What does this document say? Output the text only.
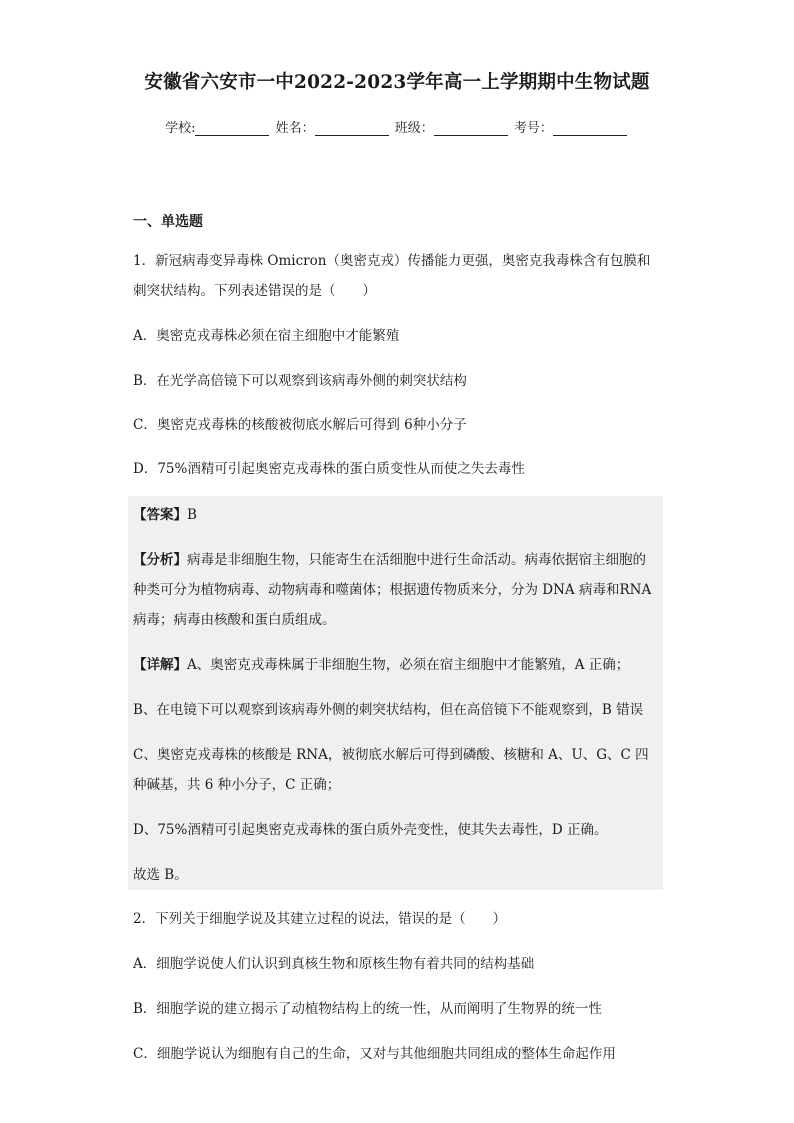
安徽省六安市一中2022-2023学年高一上学期期中生物试题
学校:	姓名：	班级：	考号：
一、单选题
1．新冠病毒变异毒株 Omicron（奥密克戎）传播能力更强，奥密克我毒株含有包膜和
刺突状结构。下列表述错误的是（　　）
A．奥密克戎毒株必须在宿主细胞中才能繁殖
B．在光学高倍镜下可以观察到该病毒外侧的刺突状结构
C．奥密克戎毒株的核酸被彻底水解后可得到 6种小分子
D．75%酒精可引起奥密克戎毒株的蛋白质变性从而使之失去毒性
【答案】B
【分析】病毒是非细胞生物，只能寄生在活细胞中进行生命活动。病毒依据宿主细胞的
种类可分为植物病毒、动物病毒和噬菌体；根据遗传物质来分，分为 DNA 病毒和RNA
病毒；病毒由核酸和蛋白质组成。
【详解】A、奥密克戎毒株属于非细胞生物，必须在宿主细胞中才能繁殖，A 正确；
B、在电镜下可以观察到该病毒外侧的刺突状结构，但在高倍镜下不能观察到，B 错误
C、奥密克戎毒株的核酸是 RNA，被彻底水解后可得到磷酸、核糖和 A、U、G、C 四
种碱基，共 6 种小分子，C 正确；
D、75%酒精可引起奥密克戎毒株的蛋白质外壳变性，使其失去毒性，D 正确。
故选 B。
2．下列关于细胞学说及其建立过程的说法，错误的是（　　）
A．细胞学说使人们认识到真核生物和原核生物有着共同的结构基础
B．细胞学说的建立揭示了动植物结构上的统一性，从而阐明了生物界的统一性
C．细胞学说认为细胞有自己的生命，又对与其他细胞共同组成的整体生命起作用
